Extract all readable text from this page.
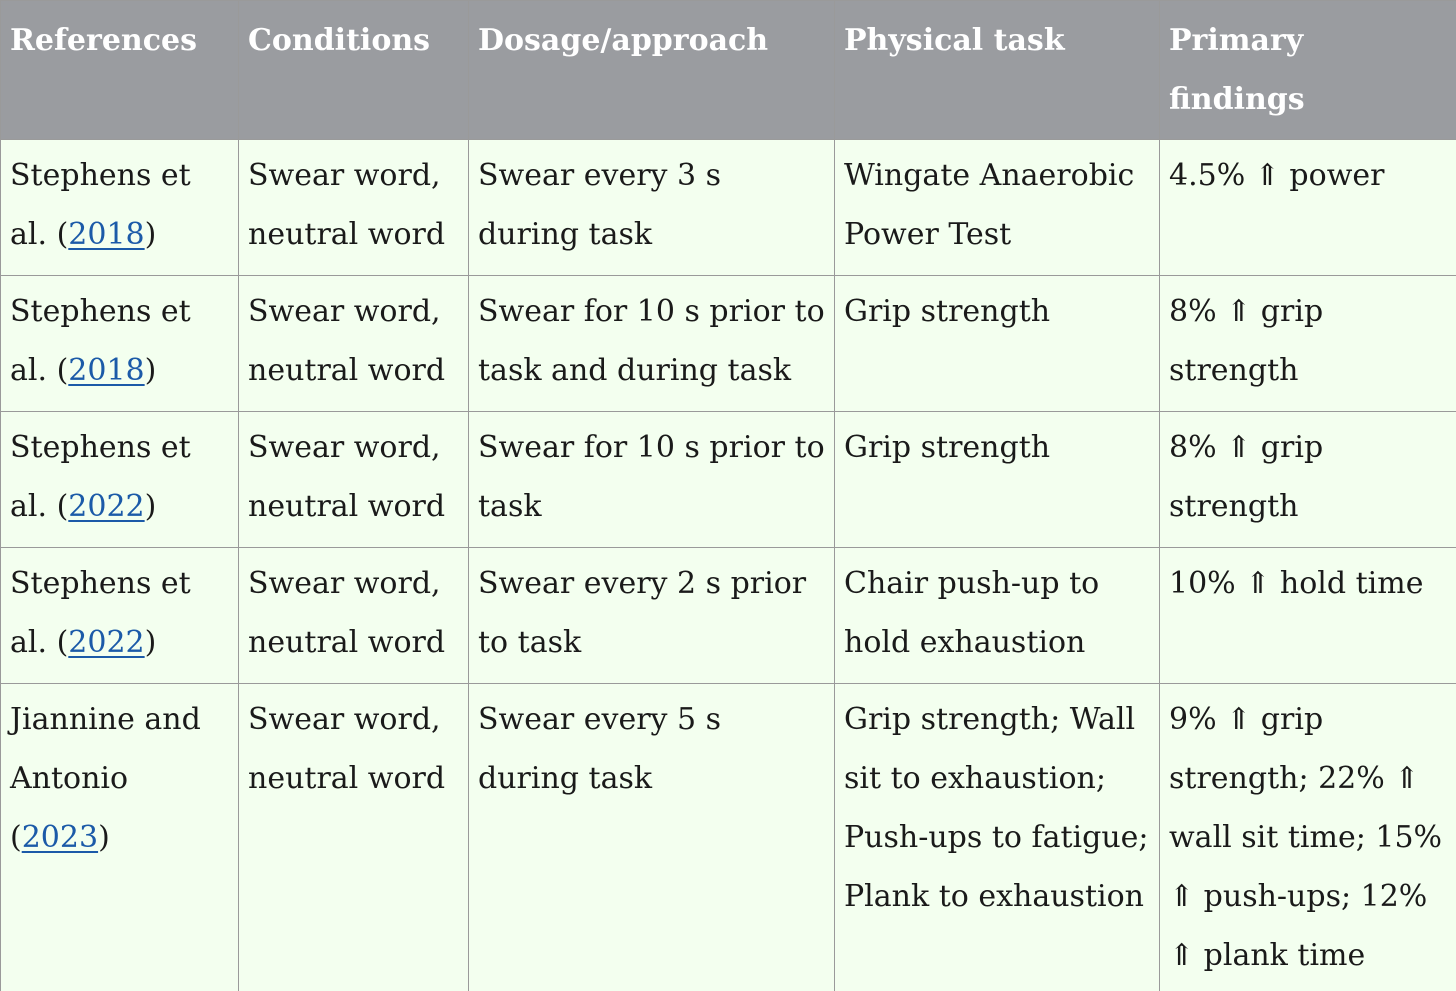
References	Conditions	Dosage/approach	Physical task	Primary findings
Stephens et al. (2018)	Swear word, neutral word	Swear every 3 s during task	Wingate Anaerobic Power Test	4.5% ⇑ power
Stephens et al. (2018)	Swear word, neutral word	Swear for 10 s prior to task and during task	Grip strength	8% ⇑ grip strength
Stephens et al. (2022)	Swear word, neutral word	Swear for 10 s prior to task	Grip strength	8% ⇑ grip strength
Stephens et al. (2022)	Swear word, neutral word	Swear every 2 s prior to task	Chair push-up to hold exhaustion	10% ⇑ hold time
Jiannine and Antonio (2023)	Swear word, neutral word	Swear every 5 s during task	Grip strength; Wall sit to exhaustion; Push-ups to fatigue; Plank to exhaustion	9% ⇑ grip strength; 22% ⇑ wall sit time; 15% ⇑ push-ups; 12% ⇑ plank time
